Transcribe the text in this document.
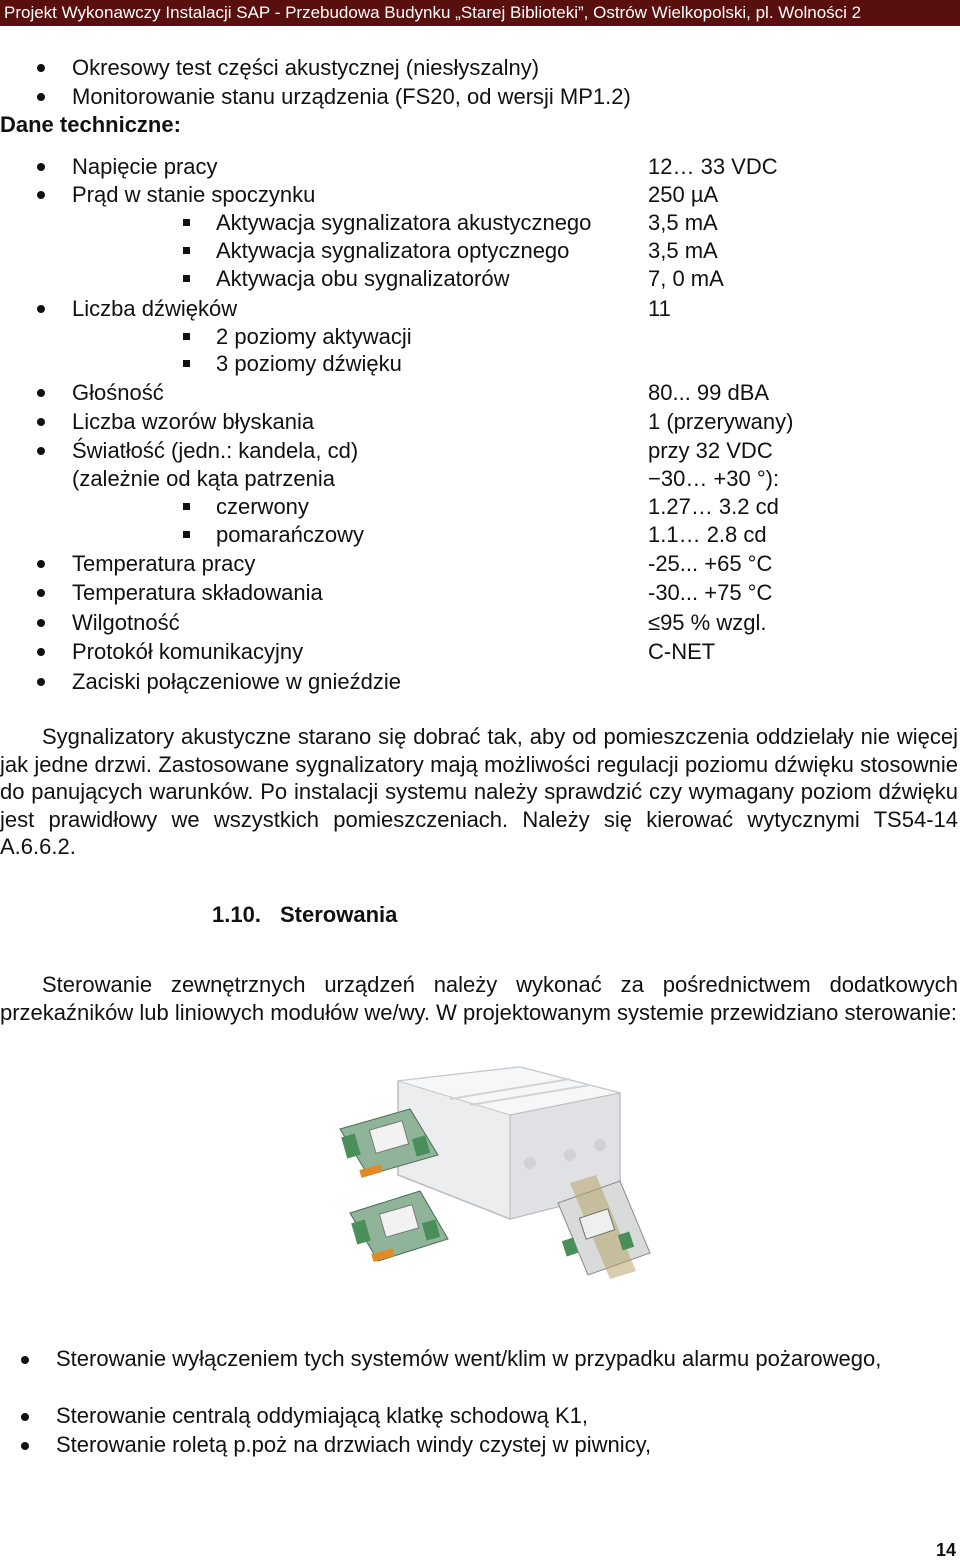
Projekt Wykonawczy Instalacji SAP - Przebudowa Budynku „Starej Biblioteki”, Ostrów Wielkopolski, pl. Wolności 2
Okresowy test części akustycznej (niesłyszalny)
Monitorowanie stanu urządzenia (FS20, od wersji MP1.2)
Dane techniczne:
Napięcie pracy	12… 33 VDC
Prąd w stanie spoczynku	250 µA
Aktywacja sygnalizatora akustycznego	3,5 mA
Aktywacja sygnalizatora optycznego	3,5 mA
Aktywacja obu sygnalizatorów	7, 0 mA
Liczba dźwięków	11
2 poziomy aktywacji
3 poziomy dźwięku
Głośność	80... 99 dBA
Liczba wzorów błyskania	1 (przerywany)
Światłość (jedn.: kandela, cd)	przy 32 VDC
(zależnie od kąta patrzenia	−30… +30 °):
czerwony	1.27… 3.2 cd
pomarańczowy	1.1… 2.8 cd
Temperatura pracy	-25... +65 °C
Temperatura składowania	-30... +75 °C
Wilgotność	≤95 % wzgl.
Protokół komunikacyjny	C-NET
Zaciski połączeniowe w gnieździe
Sygnalizatory akustyczne starano się dobrać tak, aby od pomieszczenia oddzielały nie więcej jak jedne drzwi. Zastosowane sygnalizatory mają możliwości regulacji poziomu dźwięku stosownie do panujących warunków. Po instalacji systemu należy sprawdzić czy wymagany poziom dźwięku jest prawidłowy we wszystkich pomieszczeniach. Należy się kierować wytycznymi TS54-14 A.6.6.2.
1.10. Sterowania
Sterowanie zewnętrznych urządzeń należy wykonać za pośrednictwem dodatkowych przekaźników lub liniowych modułów we/wy. W projektowanym systemie przewidziano sterowanie:
Sterowanie wyłączeniem tych systemów went/klim w przypadku alarmu pożarowego,
Sterowanie centralą oddymiającą klatkę schodową K1,
Sterowanie roletą p.poż na drzwiach windy czystej w piwnicy,
14
